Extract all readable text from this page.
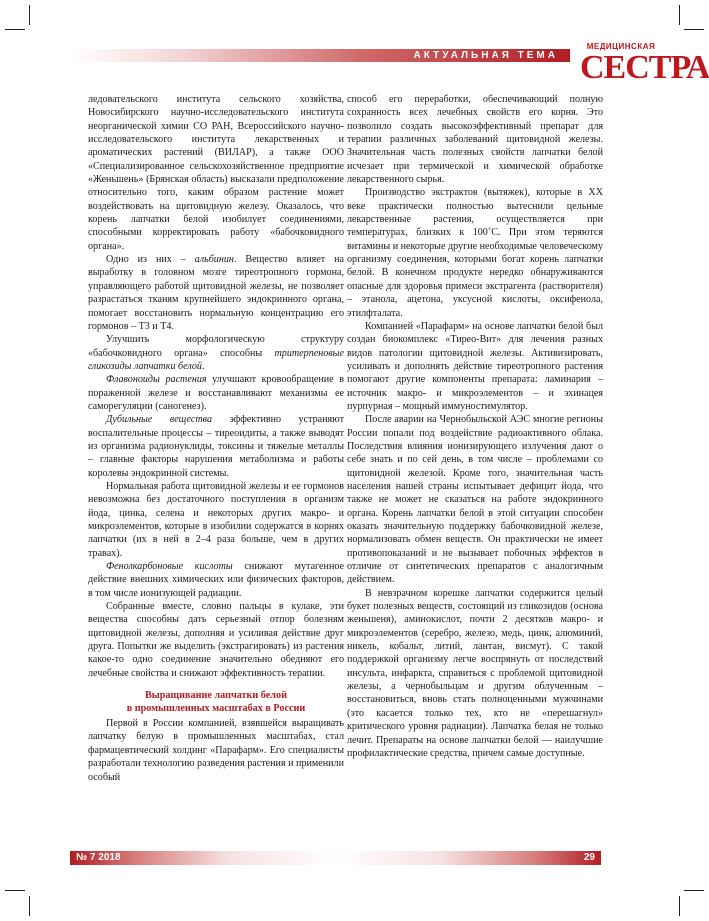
АКТУАЛЬНАЯ ТЕМА
МЕДИЦИНСКАЯ
СЕСТРА

ледовательского института сельского хозяйства, Новосибирского научно-исследовательского института неорганической химии СО РАН, Всероссийского научно-исследовательского института лекарственных и ароматических растений (ВИЛАР), а также ООО «Специализированное сельскохозяйственное предприятие «Женьшень» (Брянская область) высказали предположение относительно того, каким образом растение может воздействовать на щитовидную железу. Оказалось, что корень лапчатки белой изобилует соединениями, способными корректировать работу «бабочковидного органа».

Одно из них – альбинин. Вещество влияет на выработку в головном мозге тиреотропного гормона, управляющего работой щитовидной железы, не позволяет разрастаться тканям крупнейшего эндокринного органа, помогает восстановить нормальную концентрацию его гормонов – Т3 и Т4.

Улучшить морфологическую структуру «бабочковидного органа» способны тритерпеновые гликозиды лапчатки белой.

Флавоноиды растения улучшают кровообращение в пораженной железе и восстанавливают механизмы ее саморегуляции (саногенез).

Дубильные вещества эффективно устраняют воспалительные процессы – тиреоидиты, а также выводят из организма радионуклиды, токсины и тяжелые металлы – главные факторы нарушения метаболизма и работы королевы эндокринной системы.

Нормальная работа щитовидной железы и ее гормонов невозможна без достаточного поступления в организм йода, цинка, селена и некоторых других макро- и микроэлементов, которые в изобилии содержатся в корнях лапчатки (их в ней в 2–4 раза больше, чем в других травах).

Фенолкарбоновые кислоты снижают мутагенное действие внешних химических или физических факторов, в том числе ионизующей радиации.

Собранные вместе, словно пальцы в кулаке, эти вещества способны дать серьезный отпор болезням щитовидной железы, дополняя и усиливая действие друг друга. Попытки же выделить (экстрагировать) из растения какое-то одно соединение значительно обедняют его лечебные свойства и снижают эффективность терапии.

Выращивание лапчатки белой
в промышленных масштабах в России

Первой в России компанией, взявшейся выращивать лапчатку белую в промышленных масштабах, стал фармацевтический холдинг «Парафарм». Его специалисты разработали технологию разведения растения и применили особый

способ его переработки, обеспечивающий полную сохранность всех лечебных свойств его корня. Это позволило создать высокоэффективный препарат для терапии различных заболеваний щитовидной железы. Значительная часть полезных свойств лапчатки белой исчезает при термической и химической обработке лекарственного сырья.

Производство экстрактов (вытяжек), которые в ХХ веке практически полностью вытеснили цельные лекарственные растения, осуществляется при температурах, близких к 100˚С. При этом теряются витамины и некоторые другие необходимые человеческому организму соединения, которыми богат корень лапчатки белой. В конечном продукте нередко обнаруживаются опасные для здоровья примеси экстрагента (растворителя) – этанола, ацетона, уксусной кислоты, оксифенола, этилфталата.

Компанией «Парафарм» на основе лапчатки белой был создан биокомплекс «Тирео-Вит» для лечения разных видов патологии щитовидной железы. Активизировать, усиливать и дополнять действие тиреотропного растения помогают другие компоненты препарата: ламинария – источник макро- и микроэлементов – и эхинацея пурпурная – мощный иммуностимулятор.

После аварии на Чернобыльской АЭС многие регионы России попали под воздействие радиоактивного облака. Последствия влияния ионизирующего излучения дают о себе знать и по сей день, в том числе – проблемами со щитовидной железой. Кроме того, значительная часть населения нашей страны испытывает дефицит йода, что также не может не сказаться на работе эндокринного органа. Корень лапчатки белой в этой ситуации способен оказать значительную поддержку бабочковидной железе, нормализовать обмен веществ. Он практически не имеет противопоказаний и не вызывает побочных эффектов в отличие от синтетических препаратов с аналогичным действием.

В невзрачном корешке лапчатки содержится целый букет полезных веществ, состоящий из гликозидов (основа женьшеня), аминокислот, почти 2 десятков макро- и микроэлементов (серебро, железо, медь, цинк, алюминий, никель, кобальт, литий, лантан, висмут). С такой поддержкой организму легче воспрянуть от последствий инсульта, инфаркта, справиться с проблемой щитовидной железы, а чернобыльцам и другим облученным – восстановиться, вновь стать полноценными мужчинами (это касается только тех, кто не «перешагнул» критического уровня радиации). Лапчатка белая не только лечит. Препараты на основе лапчатки белой — наилучшие профилактические средства, причем самые доступные.

№ 7 2018	29
